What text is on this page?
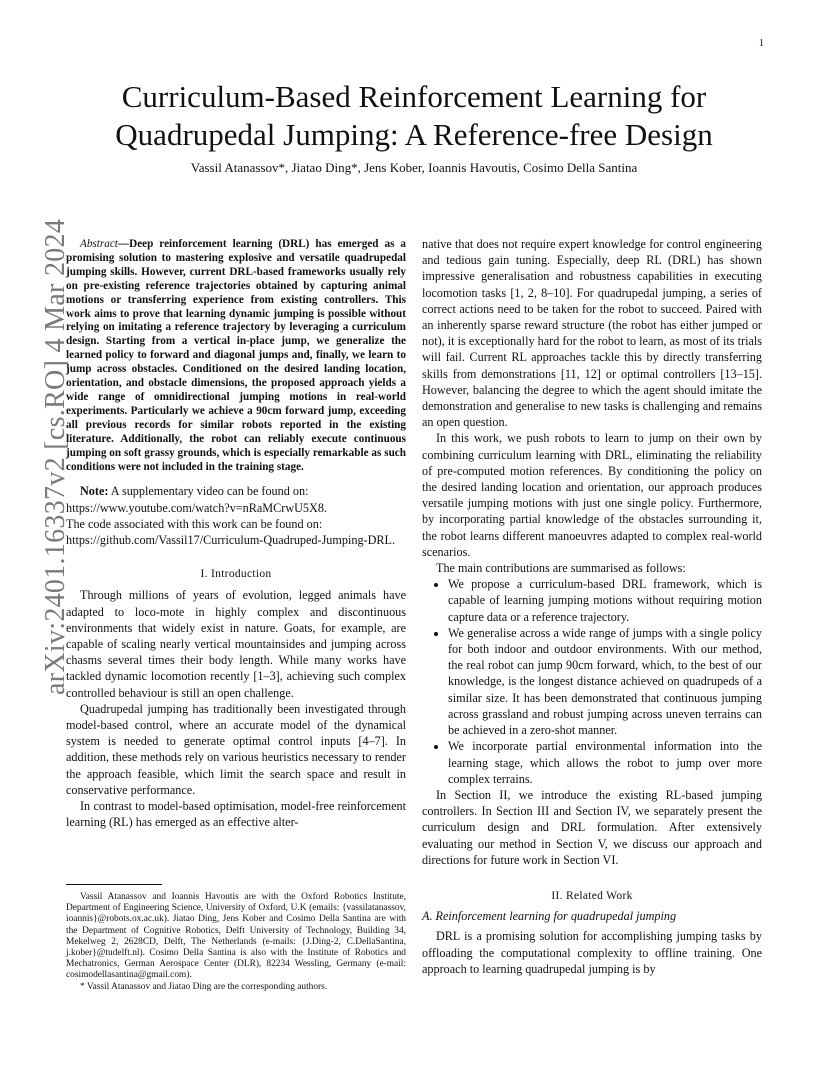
1
arXiv:2401.16337v2 [cs.RO] 4 Mar 2024
Curriculum-Based Reinforcement Learning for
Quadrupedal Jumping: A Reference-free Design
Vassil Atanassov*, Jiatao Ding*, Jens Kober, Ioannis Havoutis, Cosimo Della Santina

Abstract—Deep reinforcement learning (DRL) has emerged as a promising solution to mastering explosive and versatile quadrupedal jumping skills. However, current DRL-based frameworks usually rely on pre-existing reference trajectories obtained by capturing animal motions or transferring experience from existing controllers. This work aims to prove that learning dynamic jumping is possible without relying on imitating a reference trajectory by leveraging a curriculum design. Starting from a vertical in-place jump, we generalize the learned policy to forward and diagonal jumps and, finally, we learn to jump across obstacles. Conditioned on the desired landing location, orientation, and obstacle dimensions, the proposed approach yields a wide range of omnidirectional jumping motions in real-world experiments. Particularly we achieve a 90cm forward jump, exceeding all previous records for similar robots reported in the existing literature. Additionally, the robot can reliably execute continuous jumping on soft grassy grounds, which is especially remarkable as such conditions were not included in the training stage.

Note: A supplementary video can be found on: https://www.youtube.com/watch?v=nRaMCrwU5X8.

The code associated with this work can be found on: https://github.com/Vassil17/Curriculum-Quadruped-Jumping-DRL.

I. Introduction

Through millions of years of evolution, legged animals have adapted to loco-mote in highly complex and discontinuous environments that widely exist in nature. Goats, for example, are capable of scaling nearly vertical mountainsides and jumping across chasms several times their body length. While many works have tackled dynamic locomotion recently [1–3], achieving such complex controlled behaviour is still an open challenge.

Quadrupedal jumping has traditionally been investigated through model-based control, where an accurate model of the dynamical system is needed to generate optimal control inputs [4–7]. In addition, these methods rely on various heuristics necessary to render the approach feasible, which limit the search space and result in conservative performance.

In contrast to model-based optimisation, model-free reinforcement learning (RL) has emerged as an effective alter-

Vassil Atanassov and Ioannis Havoutis are with the Oxford Robotics Institute, Department of Engineering Science, University of Oxford, U.K (emails: {vassilatanassov, ioannis}@robots.ox.ac.uk). Jiatao Ding, Jens Kober and Cosimo Della Santina are with the Department of Cognitive Robotics, Delft University of Technology, Building 34, Mekelweg 2, 2628CD, Delft, The Netherlands (e-mails: {J.Ding-2, C.DellaSantina, j.kober}@tudelft.nl). Cosimo Della Santina is also with the Institute of Robotics and Mechatronics, German Aerospace Center (DLR), 82234 Wessling, Germany (e-mail: cosimodellasantina@gmail.com).

* Vassil Atanassov and Jiatao Ding are the corresponding authors.

native that does not require expert knowledge for control engineering and tedious gain tuning. Especially, deep RL (DRL) has shown impressive generalisation and robustness capabilities in executing locomotion tasks [1, 2, 8–10]. For quadrupedal jumping, a series of correct actions need to be taken for the robot to succeed. Paired with an inherently sparse reward structure (the robot has either jumped or not), it is exceptionally hard for the robot to learn, as most of its trials will fail. Current RL approaches tackle this by directly transferring skills from demonstrations [11, 12] or optimal controllers [13–15]. However, balancing the degree to which the agent should imitate the demonstration and generalise to new tasks is challenging and remains an open question.

In this work, we push robots to learn to jump on their own by combining curriculum learning with DRL, eliminating the reliability of pre-computed motion references. By conditioning the policy on the desired landing location and orientation, our approach produces versatile jumping motions with just one single policy. Furthermore, by incorporating partial knowledge of the obstacles surrounding it, the robot learns different manoeuvres adapted to complex real-world scenarios.

The main contributions are summarised as follows:

• We propose a curriculum-based DRL framework, which is capable of learning jumping motions without requiring motion capture data or a reference trajectory.
• We generalise across a wide range of jumps with a single policy for both indoor and outdoor environments. With our method, the real robot can jump 90cm forward, which, to the best of our knowledge, is the longest distance achieved on quadrupeds of a similar size. It has been demonstrated that continuous jumping across grassland and robust jumping across uneven terrains can be achieved in a zero-shot manner.
• We incorporate partial environmental information into the learning stage, which allows the robot to jump over more complex terrains.

In Section II, we introduce the existing RL-based jumping controllers. In Section III and Section IV, we separately present the curriculum design and DRL formulation. After extensively evaluating our method in Section V, we discuss our approach and directions for future work in Section VI.

II. Related Work
A. Reinforcement learning for quadrupedal jumping

DRL is a promising solution for accomplishing jumping tasks by offloading the computational complexity to offline training. One approach to learning quadrupedal jumping is by
